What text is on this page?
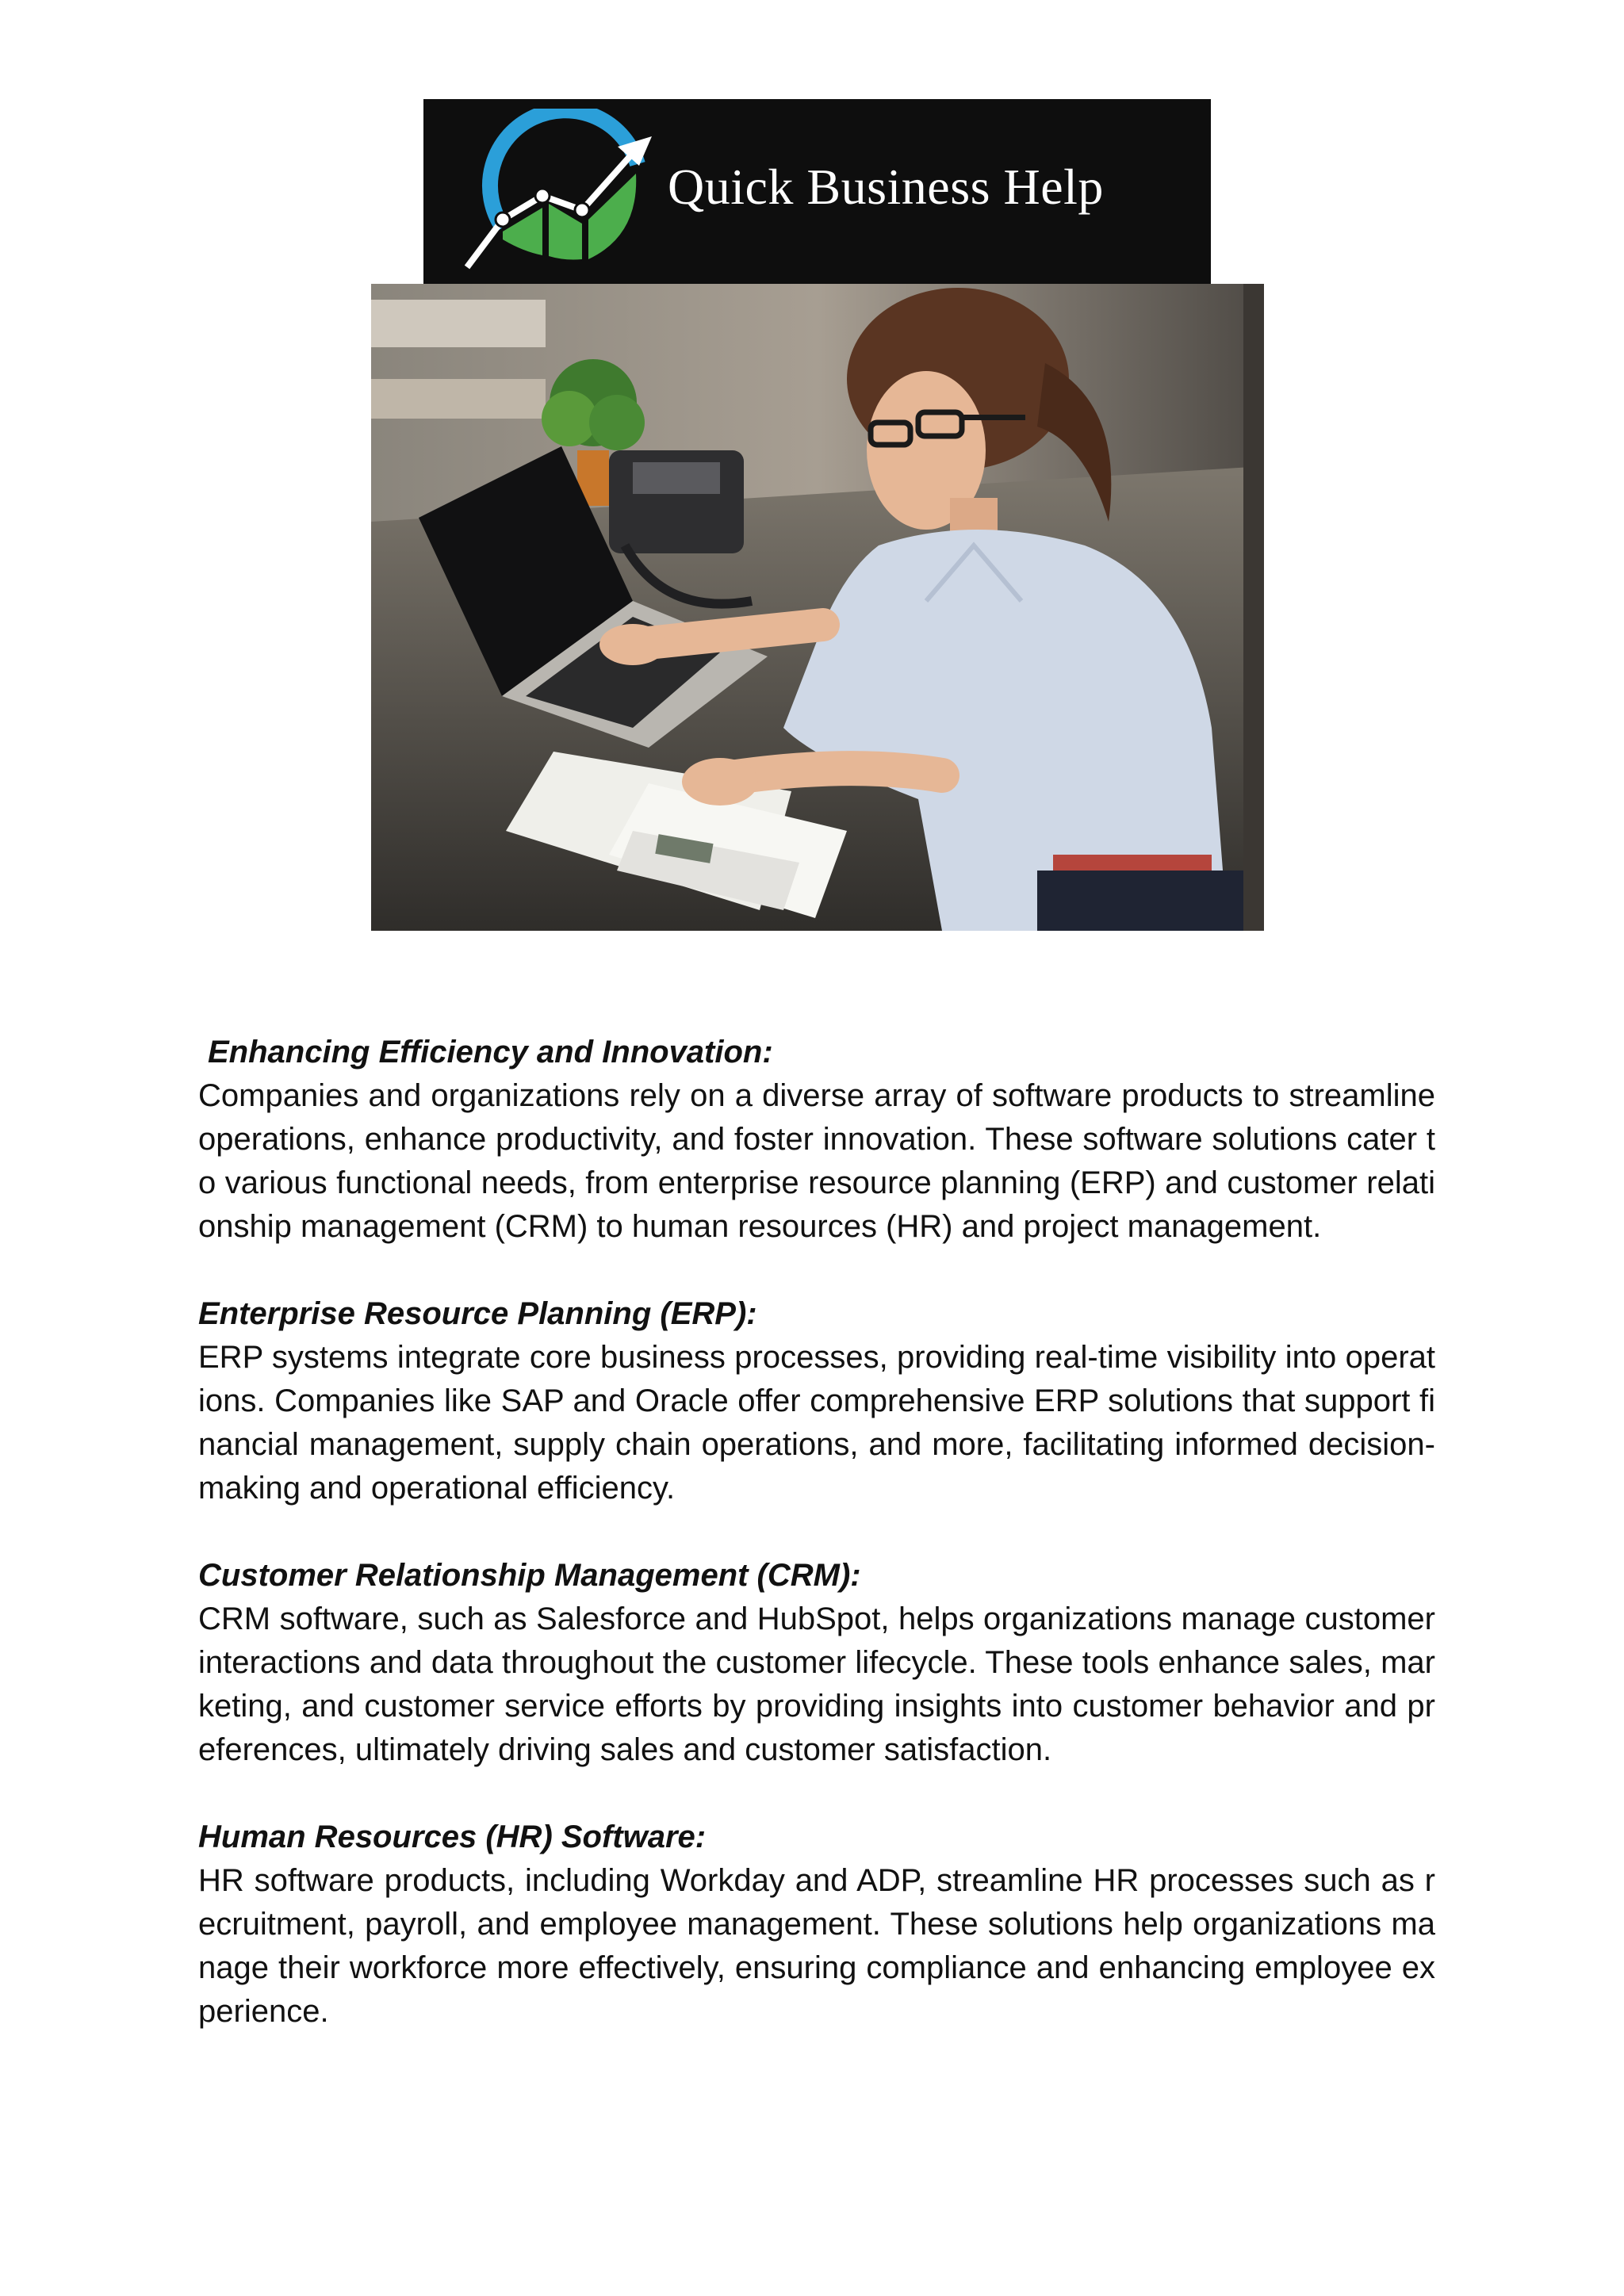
Quick Business Help

Enhancing Efficiency and Innovation:

Companies and organizations rely on a diverse array of software products to streamline operations, enhance productivity, and foster innovation. These software solutions cater to various functional needs, from enterprise resource planning (ERP) and customer relationship management (CRM) to human resources (HR) and project management.

Enterprise Resource Planning (ERP):

ERP systems integrate core business processes, providing real-time visibility into operations. Companies like SAP and Oracle offer comprehensive ERP solutions that support financial management, supply chain operations, and more, facilitating informed decision-making and operational efficiency.

Customer Relationship Management (CRM):

CRM software, such as Salesforce and HubSpot, helps organizations manage customer interactions and data throughout the customer lifecycle. These tools enhance sales, marketing, and customer service efforts by providing insights into customer behavior and preferences, ultimately driving sales and customer satisfaction.

Human Resources (HR) Software:

HR software products, including Workday and ADP, streamline HR processes such as recruitment, payroll, and employee management. These solutions help organizations manage their workforce more effectively, ensuring compliance and enhancing employee experience.
